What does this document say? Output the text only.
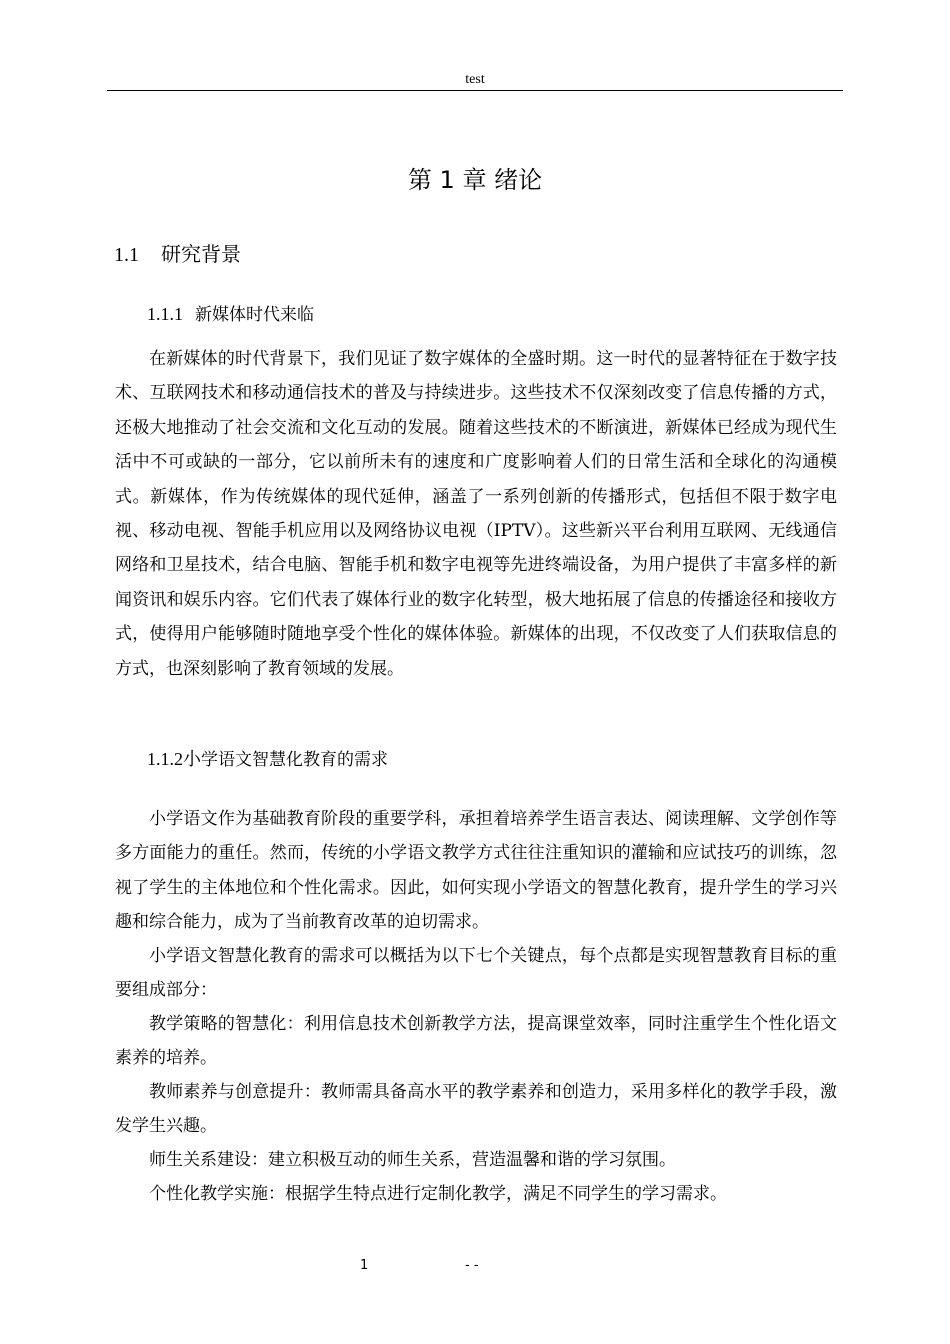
test
第 1 章 绪论
1.1 研究背景
1.1.1 新媒体时代来临

在新媒体的时代背景下，我们见证了数字媒体的全盛时期。这一时代的显著特征在于数字技术、互联网技术和移动通信技术的普及与持续进步。这些技术不仅深刻改变了信息传播的方式，还极大地推动了社会交流和文化互动的发展。随着这些技术的不断演进，新媒体已经成为现代生活中不可或缺的一部分，它以前所未有的速度和广度影响着人们的日常生活和全球化的沟通模式。新媒体，作为传统媒体的现代延伸，涵盖了一系列创新的传播形式，包括但不限于数字电视、移动电视、智能手机应用以及网络协议电视（IPTV）。这些新兴平台利用互联网、无线通信网络和卫星技术，结合电脑、智能手机和数字电视等先进终端设备，为用户提供了丰富多样的新闻资讯和娱乐内容。它们代表了媒体行业的数字化转型，极大地拓展了信息的传播途径和接收方式，使得用户能够随时随地享受个性化的媒体体验。新媒体的出现，不仅改变了人们获取信息的方式，也深刻影响了教育领域的发展。

1.1.2小学语文智慧化教育的需求

小学语文作为基础教育阶段的重要学科，承担着培养学生语言表达、阅读理解、文学创作等多方面能力的重任。然而，传统的小学语文教学方式往往注重知识的灌输和应试技巧的训练，忽视了学生的主体地位和个性化需求。因此，如何实现小学语文的智慧化教育，提升学生的学习兴趣和综合能力，成为了当前教育改革的迫切需求。

小学语文智慧化教育的需求可以概括为以下七个关键点，每个点都是实现智慧教育目标的重要组成部分：

教学策略的智慧化：利用信息技术创新教学方法，提高课堂效率，同时注重学生个性化语文素养的培养。

教师素养与创意提升：教师需具备高水平的教学素养和创造力，采用多样化的教学手段，激发学生兴趣。

师生关系建设：建立积极互动的师生关系，营造温馨和谐的学习氛围。

个性化教学实施：根据学生特点进行定制化教学，满足不同学生的学习需求。

1	- -
